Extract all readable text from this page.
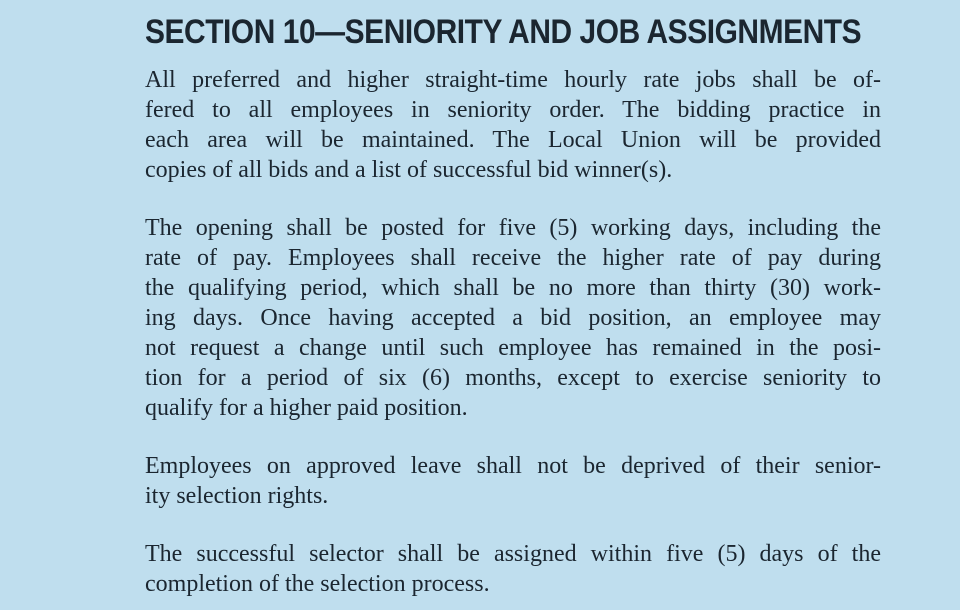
SECTION 10—SENIORITY AND JOB ASSIGNMENTS
All preferred and higher straight-time hourly rate jobs shall be of-
fered to all employees in seniority order. The bidding practice in
each area will be maintained. The Local Union will be provided
copies of all bids and a list of successful bid winner(s).
The opening shall be posted for five (5) working days, including the
rate of pay. Employees shall receive the higher rate of pay during
the qualifying period, which shall be no more than thirty (30) work-
ing days. Once having accepted a bid position, an employee may
not request a change until such employee has remained in the posi-
tion for a period of six (6) months, except to exercise seniority to
qualify for a higher paid position.
Employees on approved leave shall not be deprived of their senior-
ity selection rights.
The successful selector shall be assigned within five (5) days of the
completion of the selection process.
